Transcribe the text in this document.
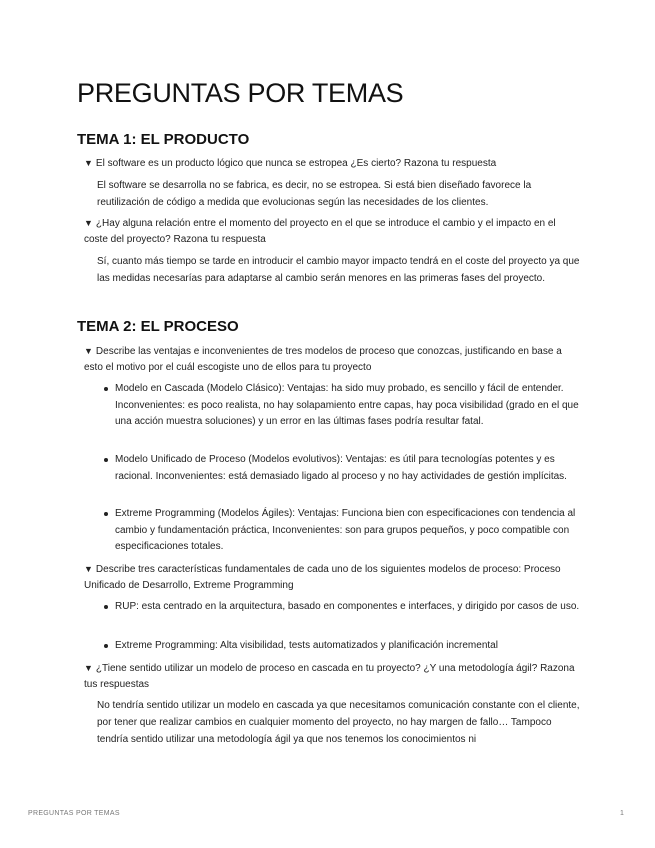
PREGUNTAS POR TEMAS
TEMA 1: EL PRODUCTO
▼ El software es un producto lógico que nunca se estropea ¿Es cierto? Razona tu respuesta
El software se desarrolla no se fabrica, es decir, no se estropea. Si está bien diseñado favorece la reutilización de código a medida que evolucionas según las necesidades de los clientes.
▼ ¿Hay alguna relación entre el momento del proyecto en el que se introduce el cambio y el impacto en el coste del proyecto? Razona tu respuesta
Sí, cuanto más tiempo se tarde en introducir el cambio mayor impacto tendrá en el coste del proyecto ya que las medidas necesarías para adaptarse al cambio serán menores en las primeras fases del proyecto.
TEMA 2: EL PROCESO
▼ Describe las ventajas e inconvenientes de tres modelos de proceso que conozcas, justificando en base a esto el motivo por el cuál escogiste uno de ellos para tu proyecto
Modelo en Cascada (Modelo Clásico): Ventajas: ha sido muy probado, es sencillo y fácil de entender. Inconvenientes: es poco realista, no hay solapamiento entre capas, hay poca visibilidad (grado en el que una acción muestra soluciones) y un error en las últimas fases podría resultar fatal.
Modelo Unificado de Proceso (Modelos evolutivos): Ventajas: es útil para tecnologías potentes y es racional. Inconvenientes: está demasiado ligado al proceso y no hay actividades de gestión implícitas.
Extreme Programming (Modelos Ágiles): Ventajas: Funciona bien con especificaciones con tendencia al cambio y fundamentación práctica, Inconvenientes: son para grupos pequeños, y poco compatible con especificaciones totales.
▼ Describe tres características fundamentales de cada uno de los siguientes modelos de proceso: Proceso Unificado de Desarrollo, Extreme Programming
RUP: esta centrado en la arquitectura, basado en componentes e interfaces, y dirigido por casos de uso.
Extreme Programming: Alta visibilidad, tests automatizados y planificación incremental
▼ ¿Tiene sentido utilizar un modelo de proceso en cascada en tu proyecto? ¿Y una metodología ágil? Razona tus respuestas
No tendría sentido utilizar un modelo en cascada ya que necesitamos comunicación constante con el cliente, por tener que realizar cambios en cualquier momento del proyecto, no hay margen de fallo… Tampoco tendría sentido utilizar una metodología ágil ya que nos tenemos los conocimientos ni
PREGUNTAS POR TEMAS	1
